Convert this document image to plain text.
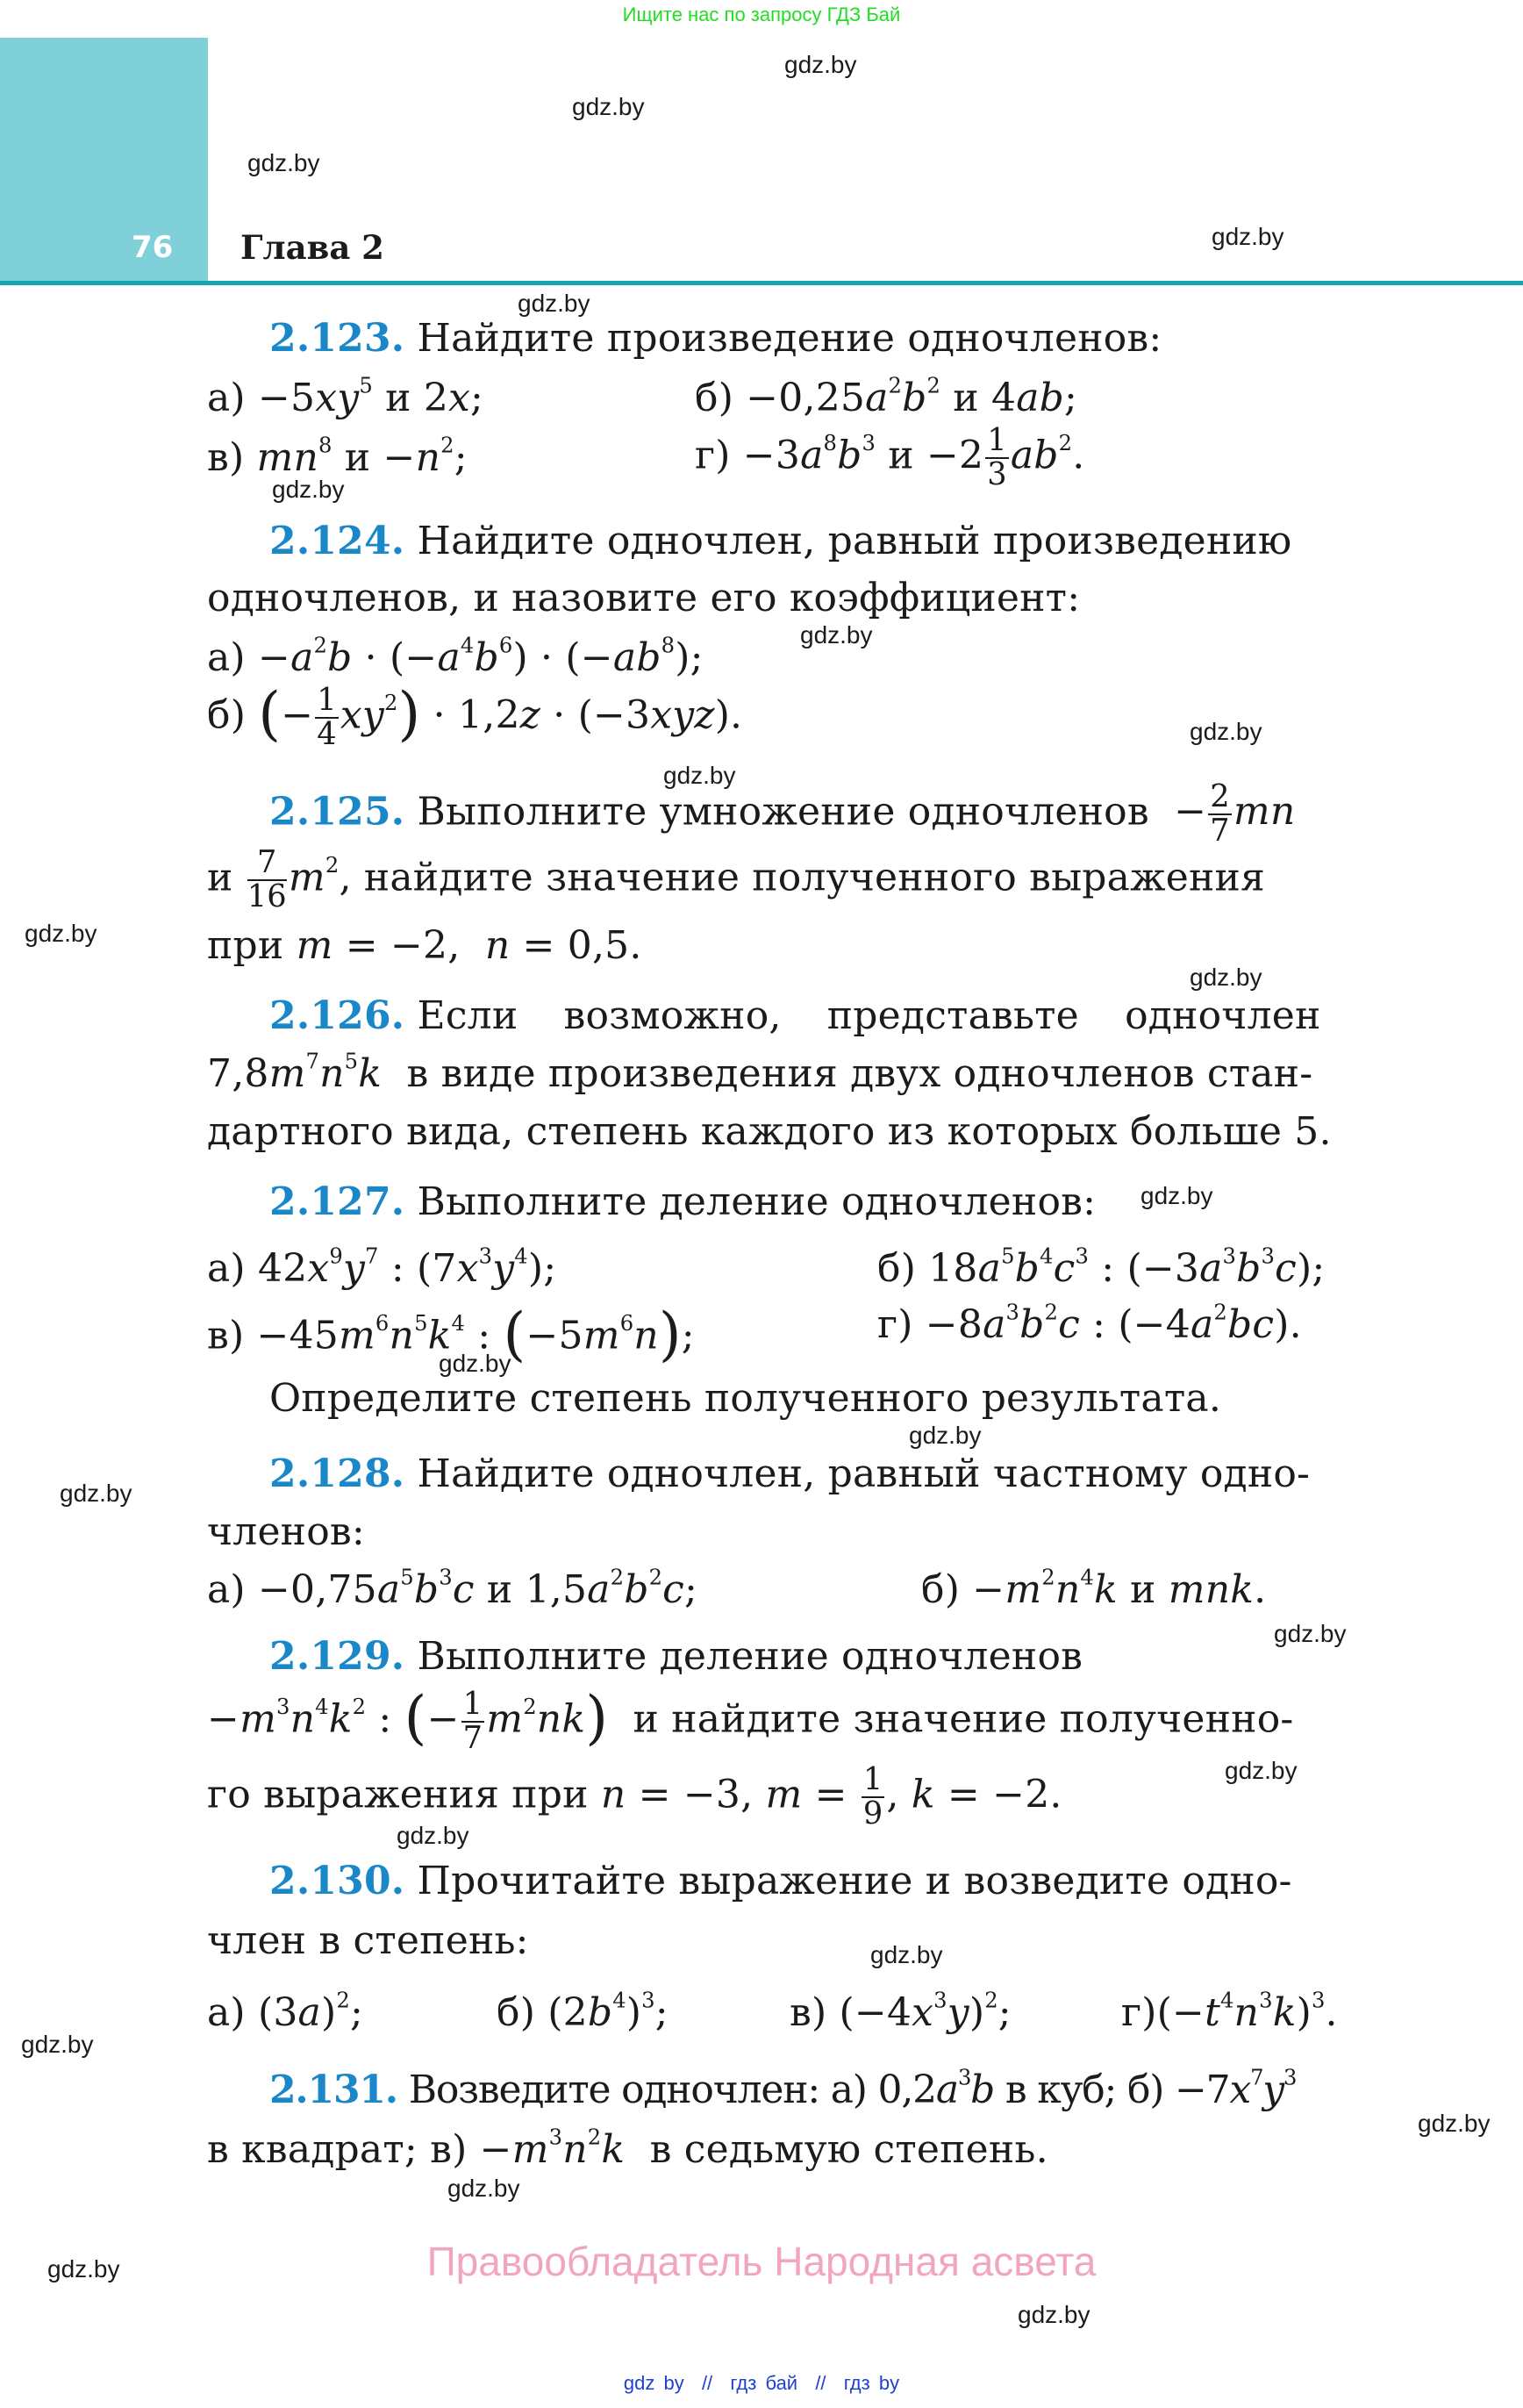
Ищите нас по запросу ГДЗ Бай
76	Глава 2
gdz.by
gdz.by
gdz.by
gdz.by
gdz.by
gdz.by
gdz.by
gdz.by
gdz.by
gdz.by
gdz.by
gdz.by
gdz.by
gdz.by
gdz.by
gdz.by
gdz.by
gdz.by
gdz.by
gdz.by
gdz.by
gdz.by
gdz.by
gdz.by
2.123. Найдите произведение одночленов:
$а) -5xy^5$ и 2x;	$б) -0,25a^2b^2$ и 4ab;
в) $mn^8$ $и -n^2$;	$г) -3a^8b^3$ $и -2 \frac{1}{3} ab^2$.
2.124. Найдите одночлен, равный произведению
одночленов, и назовите его коэффициент:
$а) -a^2b \cdot (-a^4b^6) \cdot (-ab^8)$;
б) (− $\frac{1}{4} xy^2) \cdot 1,2z \cdot (-3xyz)$.
2.125. Выполните умножение одночленов  − $\frac{2}{7}$ mn
и $\frac{7}{16} m^2$, найдите значение полученного выражения
при m = −2,  n = 0,5.
2.126. Если возможно, представьте одночлен
$7,8m^7n^5k$  в виде произведения двух одночленов стан-
дартного вида, степень каждого из которых больше 5.
2.127. Выполните деление одночленов:
а) $42x^9y^7$ : $(7x^3y^4)$;	б) $18a^5b^4c^3$ : $(-3a^3b^3c)$;
$в) -45m^6n^5k^4$ : $(-5m^6n)$;	$г) -8a^3b^2c$ : $(-4a^2bc)$.
Определите степень полученного результата.
2.128. Найдите одночлен, равный частному одно-
членов:
$а) -0,75a^5b^3c$ и $1,5a^2b^2c$;	$б) -m^2n^4k$ и mnk.
2.129. Выполните деление одночленов
$-m^3n^4k^2$ : (− $\frac{1}{7} m^2nk$) и найдите значение полученно-
го выражения при n = −3, $m = \frac{1}{9}$ , k = −2.
2.130. Прочитайте выражение и возведите одно-
член в степень:
а) $(3a)^2$;	б) $(2b^4)^3$;	в) $(-4x^3y)^2$;	$г)(-t^4n^3k)^3$.
2.131. Возведите одночлен: а) $0,2a^3b$ в куб; $б) -7x^7y^3$
в квадрат; $в) -m^3n^2k$  в седьмую степень.
Правообладатель Народная асвета
gdz by  //  гдз бай  //  гдз by
